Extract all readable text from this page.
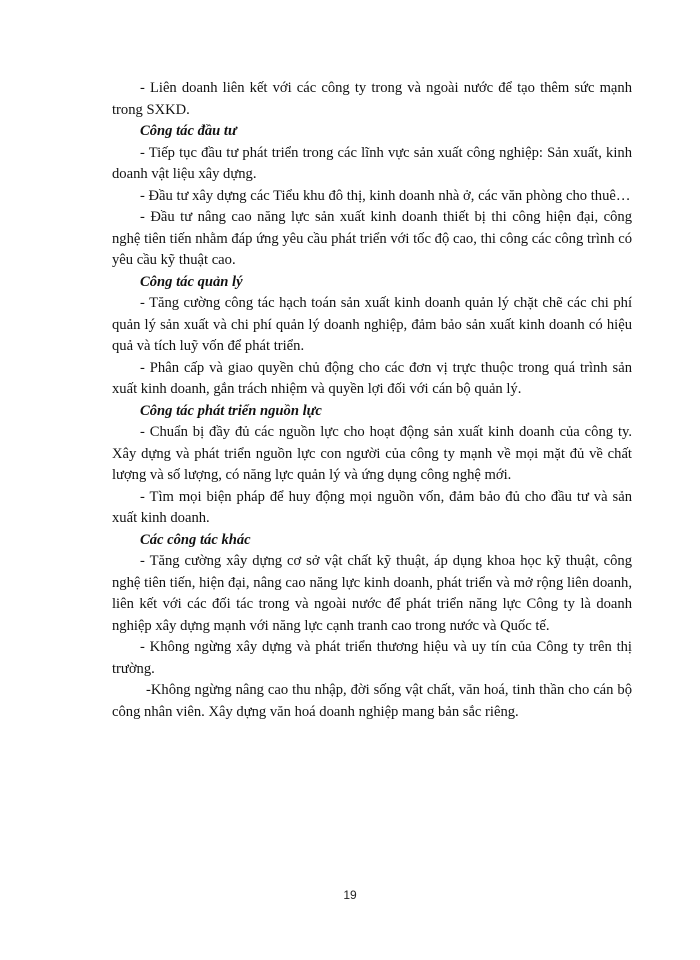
- Liên doanh liên kết với các công ty trong và ngoài nước để tạo thêm sức mạnh trong SXKD.

Công tác đầu tư

- Tiếp tục đầu tư phát triển trong các lĩnh vực sản xuất công nghiệp: Sản xuất, kinh doanh vật liệu xây dựng.

- Đầu tư xây dựng các Tiểu khu đô thị, kinh doanh nhà ở, các văn phòng cho thuê…

- Đầu tư nâng cao năng lực sản xuất kinh doanh thiết bị thi công hiện đại, công nghệ tiên tiến nhằm đáp ứng yêu cầu phát triển với tốc độ cao, thi công các công trình có yêu cầu kỹ thuật cao.

Công tác quản lý

- Tăng cường công tác hạch toán sản xuất kinh doanh quản lý chặt chẽ các chi phí quản lý sản xuất và chi phí quản lý doanh nghiệp, đảm bảo sản xuất kinh doanh có hiệu quả và tích luỹ vốn để phát triển.

- Phân cấp và giao quyền chủ động cho các đơn vị trực thuộc trong quá trình sản xuất kinh doanh, gắn trách nhiệm và quyền lợi đối với cán bộ quản lý.

Công tác phát triển nguồn lực

- Chuẩn bị đầy đủ các nguồn lực cho hoạt động sản xuất kinh doanh của công ty. Xây dựng và phát triển nguồn lực con người của công ty mạnh về mọi mặt đủ về chất lượng và số lượng, có năng lực quản lý và ứng dụng công nghệ mới.

- Tìm mọi biện pháp để huy động mọi nguồn vốn, đảm bảo đủ cho đầu tư và sản xuất kinh doanh.

Các công tác khác

- Tăng cường xây dựng cơ sở vật chất kỹ thuật, áp dụng khoa học kỹ thuật, công nghệ tiên tiến, hiện đại, nâng cao năng lực kinh doanh, phát triển và mở rộng liên doanh, liên kết với các đối tác trong và ngoài nước để phát triển năng lực Công ty là doanh nghiệp xây dựng mạnh với năng lực cạnh tranh cao trong nước và Quốc tế.

- Không ngừng xây dựng và phát triển thương hiệu và uy tín của Công ty trên thị trường.

-Không ngừng nâng cao thu nhập, đời sống vật chất, văn hoá, tinh thần cho cán bộ công nhân viên. Xây dựng văn hoá doanh nghiệp mang bản sắc riêng.

19
